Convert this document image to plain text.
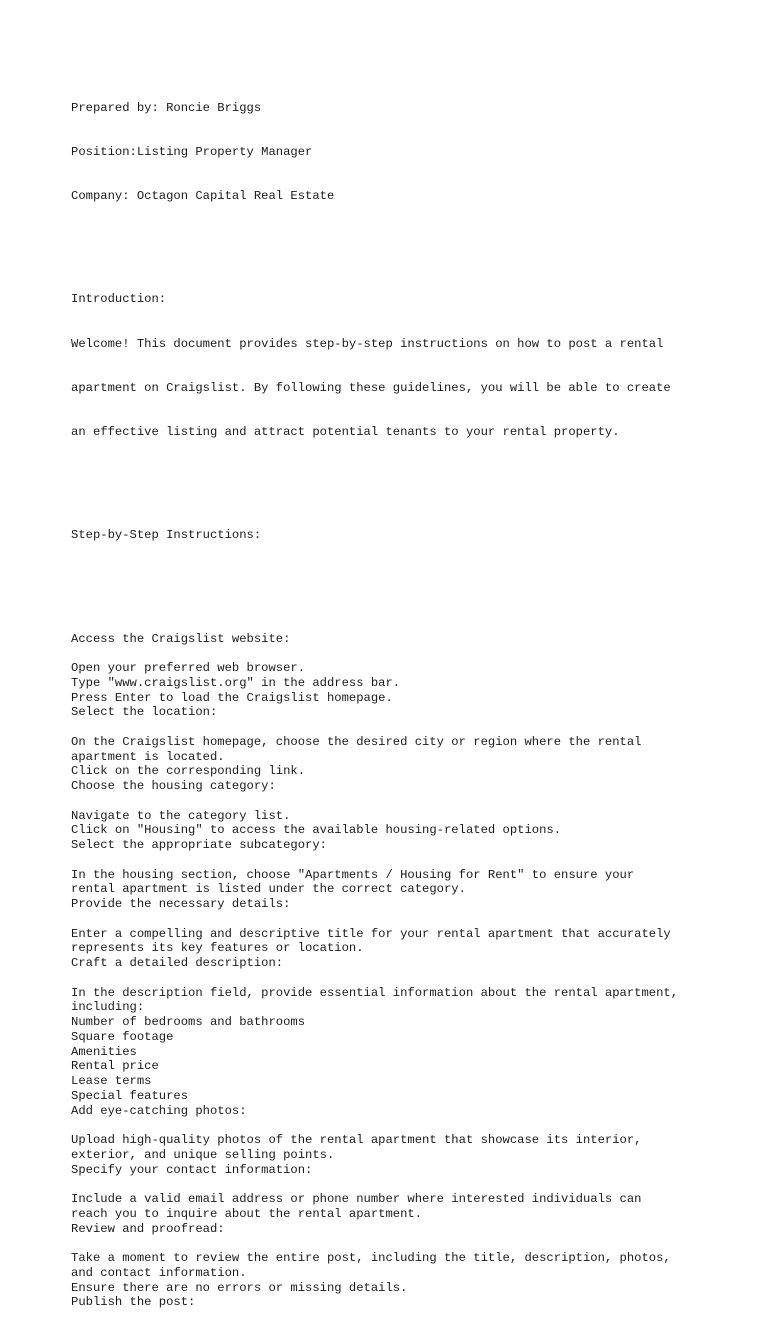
Prepared by: Roncie Briggs

Position:Listing Property Manager

Company: Octagon Capital Real Estate

Introduction:

Welcome! This document provides step-by-step instructions on how to post a rental

apartment on Craigslist. By following these guidelines, you will be able to create

an effective listing and attract potential tenants to your rental property.

Step-by-Step Instructions:

Access the Craigslist website:
Open your preferred web browser.
Type "www.craigslist.org" in the address bar.
Press Enter to load the Craigslist homepage.
Select the location:
On the Craigslist homepage, choose the desired city or region where the rental
apartment is located.
Click on the corresponding link.
Choose the housing category:
Navigate to the category list.
Click on "Housing" to access the available housing-related options.
Select the appropriate subcategory:
In the housing section, choose "Apartments / Housing for Rent" to ensure your
rental apartment is listed under the correct category.
Provide the necessary details:
Enter a compelling and descriptive title for your rental apartment that accurately
represents its key features or location.
Craft a detailed description:
In the description field, provide essential information about the rental apartment,
including:
Number of bedrooms and bathrooms
Square footage
Amenities
Rental price
Lease terms
Special features
Add eye-catching photos:
Upload high-quality photos of the rental apartment that showcase its interior,
exterior, and unique selling points.
Specify your contact information:
Include a valid email address or phone number where interested individuals can
reach you to inquire about the rental apartment.
Review and proofread:
Take a moment to review the entire post, including the title, description, photos,
and contact information.
Ensure there are no errors or missing details.
Publish the post:
